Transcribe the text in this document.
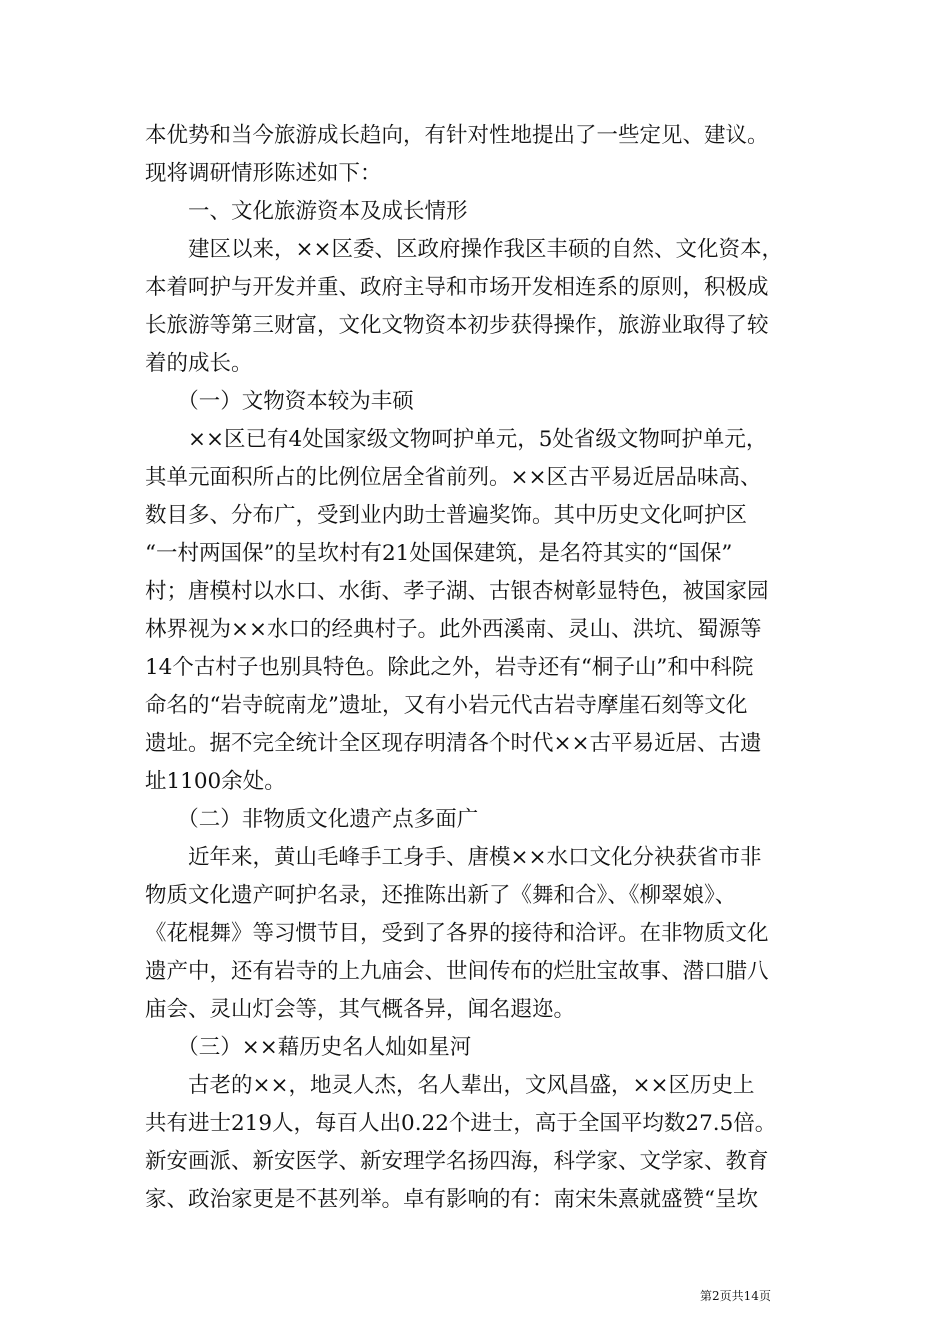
本优势和当今旅游成长趋向，有针对性地提出了一些定见、建议。
现将调研情形陈述如下：
　　一、文化旅游资本及成长情形
　　建区以来，××区委、区政府操作我区丰硕的自然、文化资本，
本着呵护与开发并重、政府主导和市场开发相连系的原则，积极成
长旅游等第三财富，文化文物资本初步获得操作，旅游业取得了较
着的成长。
　　（一）文物资本较为丰硕
　　××区已有4处国家级文物呵护单元，5处省级文物呵护单元，
其单元面积所占的比例位居全省前列。××区古平易近居品味高、
数目多、分布广，受到业内助士普遍奖饰。其中历史文化呵护区
“一村两国保”的呈坎村有21处国保建筑，是名符其实的“国保”
村；唐模村以水口、水街、孝子湖、古银杏树彰显特色，被国家园
林界视为××水口的经典村子。此外西溪南、灵山、洪坑、蜀源等
14个古村子也别具特色。除此之外，岩寺还有“桐子山”和中科院
命名的“岩寺皖南龙”遗址，又有小岩元代古岩寺摩崖石刻等文化
遗址。据不完全统计全区现存明清各个时代××古平易近居、古遗
址1100余处。
　　（二）非物质文化遗产点多面广
　　近年来，黄山毛峰手工身手、唐模××水口文化分袂获省市非
物质文化遗产呵护名录，还推陈出新了《舞和合》、《柳翠娘》、
《花棍舞》等习惯节目，受到了各界的接待和洽评。在非物质文化
遗产中，还有岩寺的上九庙会、世间传布的烂肚宝故事、潜口腊八
庙会、灵山灯会等，其气概各异，闻名遐迩。
　　（三）××藉历史名人灿如星河
　　古老的××，地灵人杰，名人辈出，文风昌盛，××区历史上
共有进士219人，每百人出0.22个进士，高于全国平均数27.5倍。
新安画派、新安医学、新安理学名扬四海，科学家、文学家、教育
家、政治家更是不甚列举。卓有影响的有：南宋朱熹就盛赞“呈坎
第2页共14页
